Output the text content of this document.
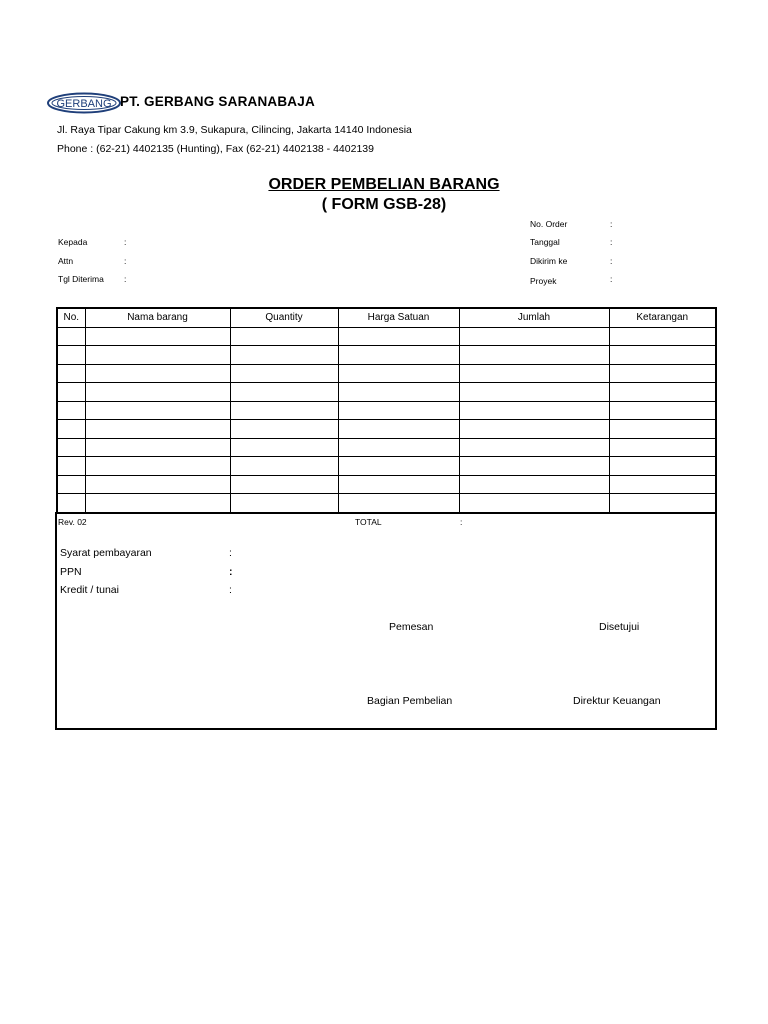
GERBANG PT. GERBANG SARANABAJA
Jl. Raya Tipar Cakung km 3.9, Sukapura, Cilincing, Jakarta 14140 Indonesia
Phone : (62-21) 4402135 (Hunting), Fax (62-21) 4402138 - 4402139
ORDER PEMBELIAN BARANG
( FORM GSB-28)
Kepada	:
Attn	:
Tgl Diterima :
No. Order	:
Tanggal	:
Dikirim ke	:
Proyek	:
No.	Nama barang	Quantity	Harga Satuan	Jumlah	Ketarangan

Rev. 02	TOTAL	:
Syarat pembayaran	:
PPN	:
Kredit / tunai	:
Pemesan	Disetujui
Bagian Pembelian	Direktur Keuangan
